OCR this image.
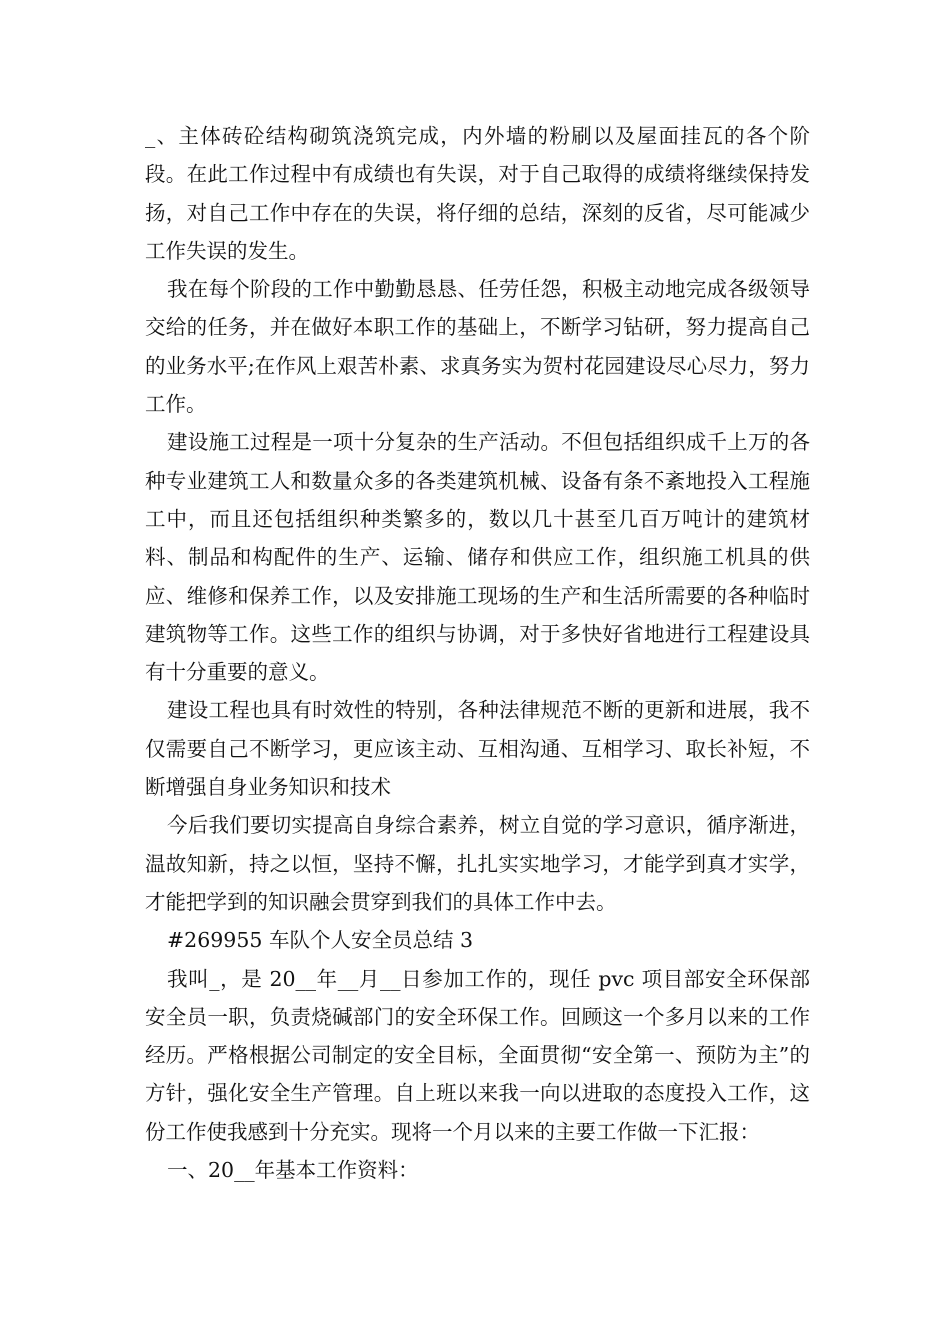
_、主体砖砼结构砌筑浇筑完成，内外墙的粉刷以及屋面挂瓦的各个阶段。在此工作过程中有成绩也有失误，对于自己取得的成绩将继续保持发扬，对自己工作中存在的失误，将仔细的总结，深刻的反省，尽可能减少工作失误的发生。

我在每个阶段的工作中勤勤恳恳、任劳任怨，积极主动地完成各级领导交给的任务，并在做好本职工作的基础上，不断学习钻研，努力提高自己的业务水平;在作风上艰苦朴素、求真务实为贺村花园建设尽心尽力，努力工作。

建设施工过程是一项十分复杂的生产活动。不但包括组织成千上万的各种专业建筑工人和数量众多的各类建筑机械、设备有条不紊地投入工程施工中，而且还包括组织种类繁多的，数以几十甚至几百万吨计的建筑材料、制品和构配件的生产、运输、储存和供应工作，组织施工机具的供应、维修和保养工作，以及安排施工现场的生产和生活所需要的各种临时建筑物等工作。这些工作的组织与协调，对于多快好省地进行工程建设具有十分重要的意义。

建设工程也具有时效性的特别，各种法律规范不断的更新和进展，我不仅需要自己不断学习，更应该主动、互相沟通、互相学习、取长补短，不断增强自身业务知识和技术

今后我们要切实提高自身综合素养，树立自觉的学习意识，循序渐进，温故知新，持之以恒，坚持不懈，扎扎实实地学习，才能学到真才实学，才能把学到的知识融会贯穿到我们的具体工作中去。

#269955 车队个人安全员总结 3

我叫_，是 20__年__月__日参加工作的，现任 pvc 项目部安全环保部安全员一职，负责烧碱部门的安全环保工作。回顾这一个多月以来的工作经历。严格根据公司制定的安全目标，全面贯彻“安全第一、预防为主”的方针，强化安全生产管理。自上班以来我一向以进取的态度投入工作，这份工作使我感到十分充实。现将一个月以来的主要工作做一下汇报：

一、20__年基本工作资料：
